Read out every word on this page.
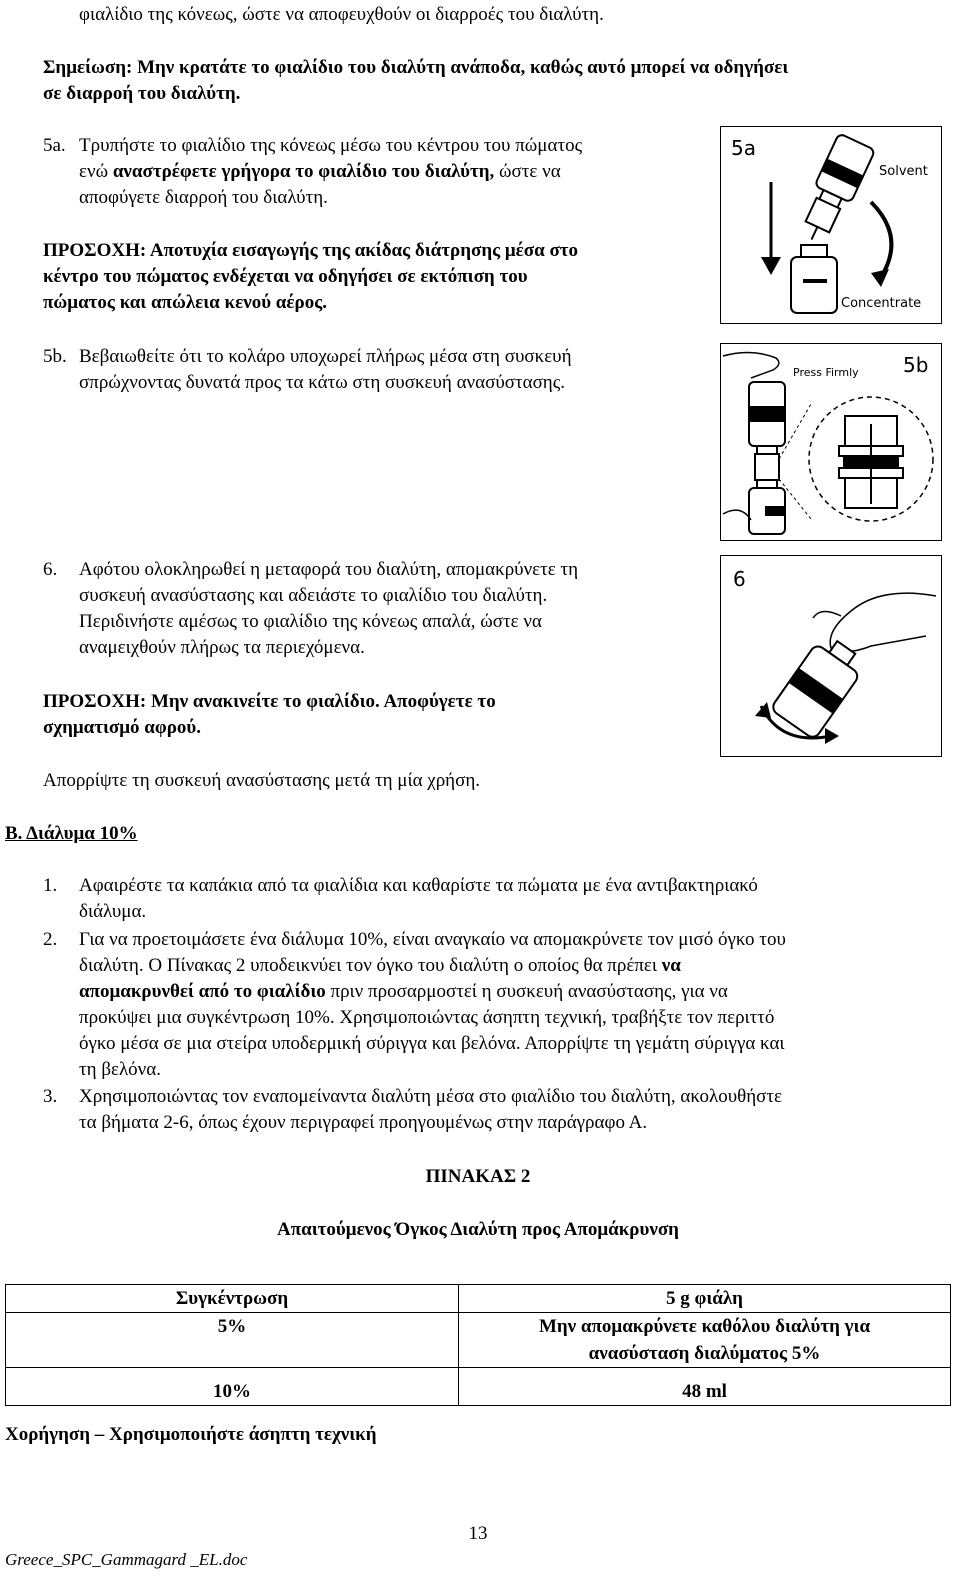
φιαλίδιο της κόνεως, ώστε να αποφευχθούν οι διαρροές του διαλύτη.
Σημείωση: Μην κρατάτε το φιαλίδιο του διαλύτη ανάποδα, καθώς αυτό μπορεί να οδηγήσει
σε διαρροή του διαλύτη.
5a. Τρυπήστε το φιαλίδιο της κόνεως μέσω του κέντρου του πώματος
ενώ αναστρέφετε γρήγορα το φιαλίδιο του διαλύτη, ώστε να
αποφύγετε διαρροή του διαλύτη.
ΠΡΟΣΟΧΗ: Αποτυχία εισαγωγής της ακίδας διάτρησης μέσα στο
κέντρο του πώματος ενδέχεται να οδηγήσει σε εκτόπιση του
πώματος και απώλεια κενού αέρος.
5a
Solvent
Concentrate
5b. Βεβαιωθείτε ότι το κολάρο υποχωρεί πλήρως μέσα στη συσκευή
σπρώχνοντας δυνατά προς τα κάτω στη συσκευή ανασύστασης.
5b
Press Firmly
6. Αφότου ολοκληρωθεί η μεταφορά του διαλύτη, απομακρύνετε τη
συσκευή ανασύστασης και αδειάστε το φιαλίδιο του διαλύτη.
Περιδινήστε αμέσως το φιαλίδιο της κόνεως απαλά, ώστε να
αναμειχθούν πλήρως τα περιεχόμενα.
ΠΡΟΣΟΧΗ: Μην ανακινείτε το φιαλίδιο. Αποφύγετε το
σχηματισμό αφρού.
Απορρίψτε τη συσκευή ανασύστασης μετά τη μία χρήση.
6
Β. Διάλυμα 10%
1. Αφαιρέστε τα καπάκια από τα φιαλίδια και καθαρίστε τα πώματα με ένα αντιβακτηριακό
διάλυμα.
2. Για να προετοιμάσετε ένα διάλυμα 10%, είναι αναγκαίο να απομακρύνετε τον μισό όγκο του
διαλύτη. Ο Πίνακας 2 υποδεικνύει τον όγκο του διαλύτη ο οποίος θα πρέπει να
απομακρυνθεί από το φιαλίδιο πριν προσαρμοστεί η συσκευή ανασύστασης, για να
προκύψει μια συγκέντρωση 10%. Χρησιμοποιώντας άσηπτη τεχνική, τραβήξτε τον περιττό
όγκο μέσα σε μια στείρα υποδερμική σύριγγα και βελόνα. Απορρίψτε τη γεμάτη σύριγγα και
τη βελόνα.
3. Χρησιμοποιώντας τον εναπομείναντα διαλύτη μέσα στο φιαλίδιο του διαλύτη, ακολουθήστε
τα βήματα 2-6, όπως έχουν περιγραφεί προηγουμένως στην παράγραφο Α.
ΠΙΝΑΚΑΣ 2
Απαιτούμενος Όγκος Διαλύτη προς Απομάκρυνση
Συγκέντρωση	5 g φιάλη
5%	Μην απομακρύνετε καθόλου διαλύτη για
ανασύσταση διαλύματος 5%

10%	48 ml
Χορήγηση – Χρησιμοποιήστε άσηπτη τεχνική
13
Greece_SPC_Gammagard _EL.doc
